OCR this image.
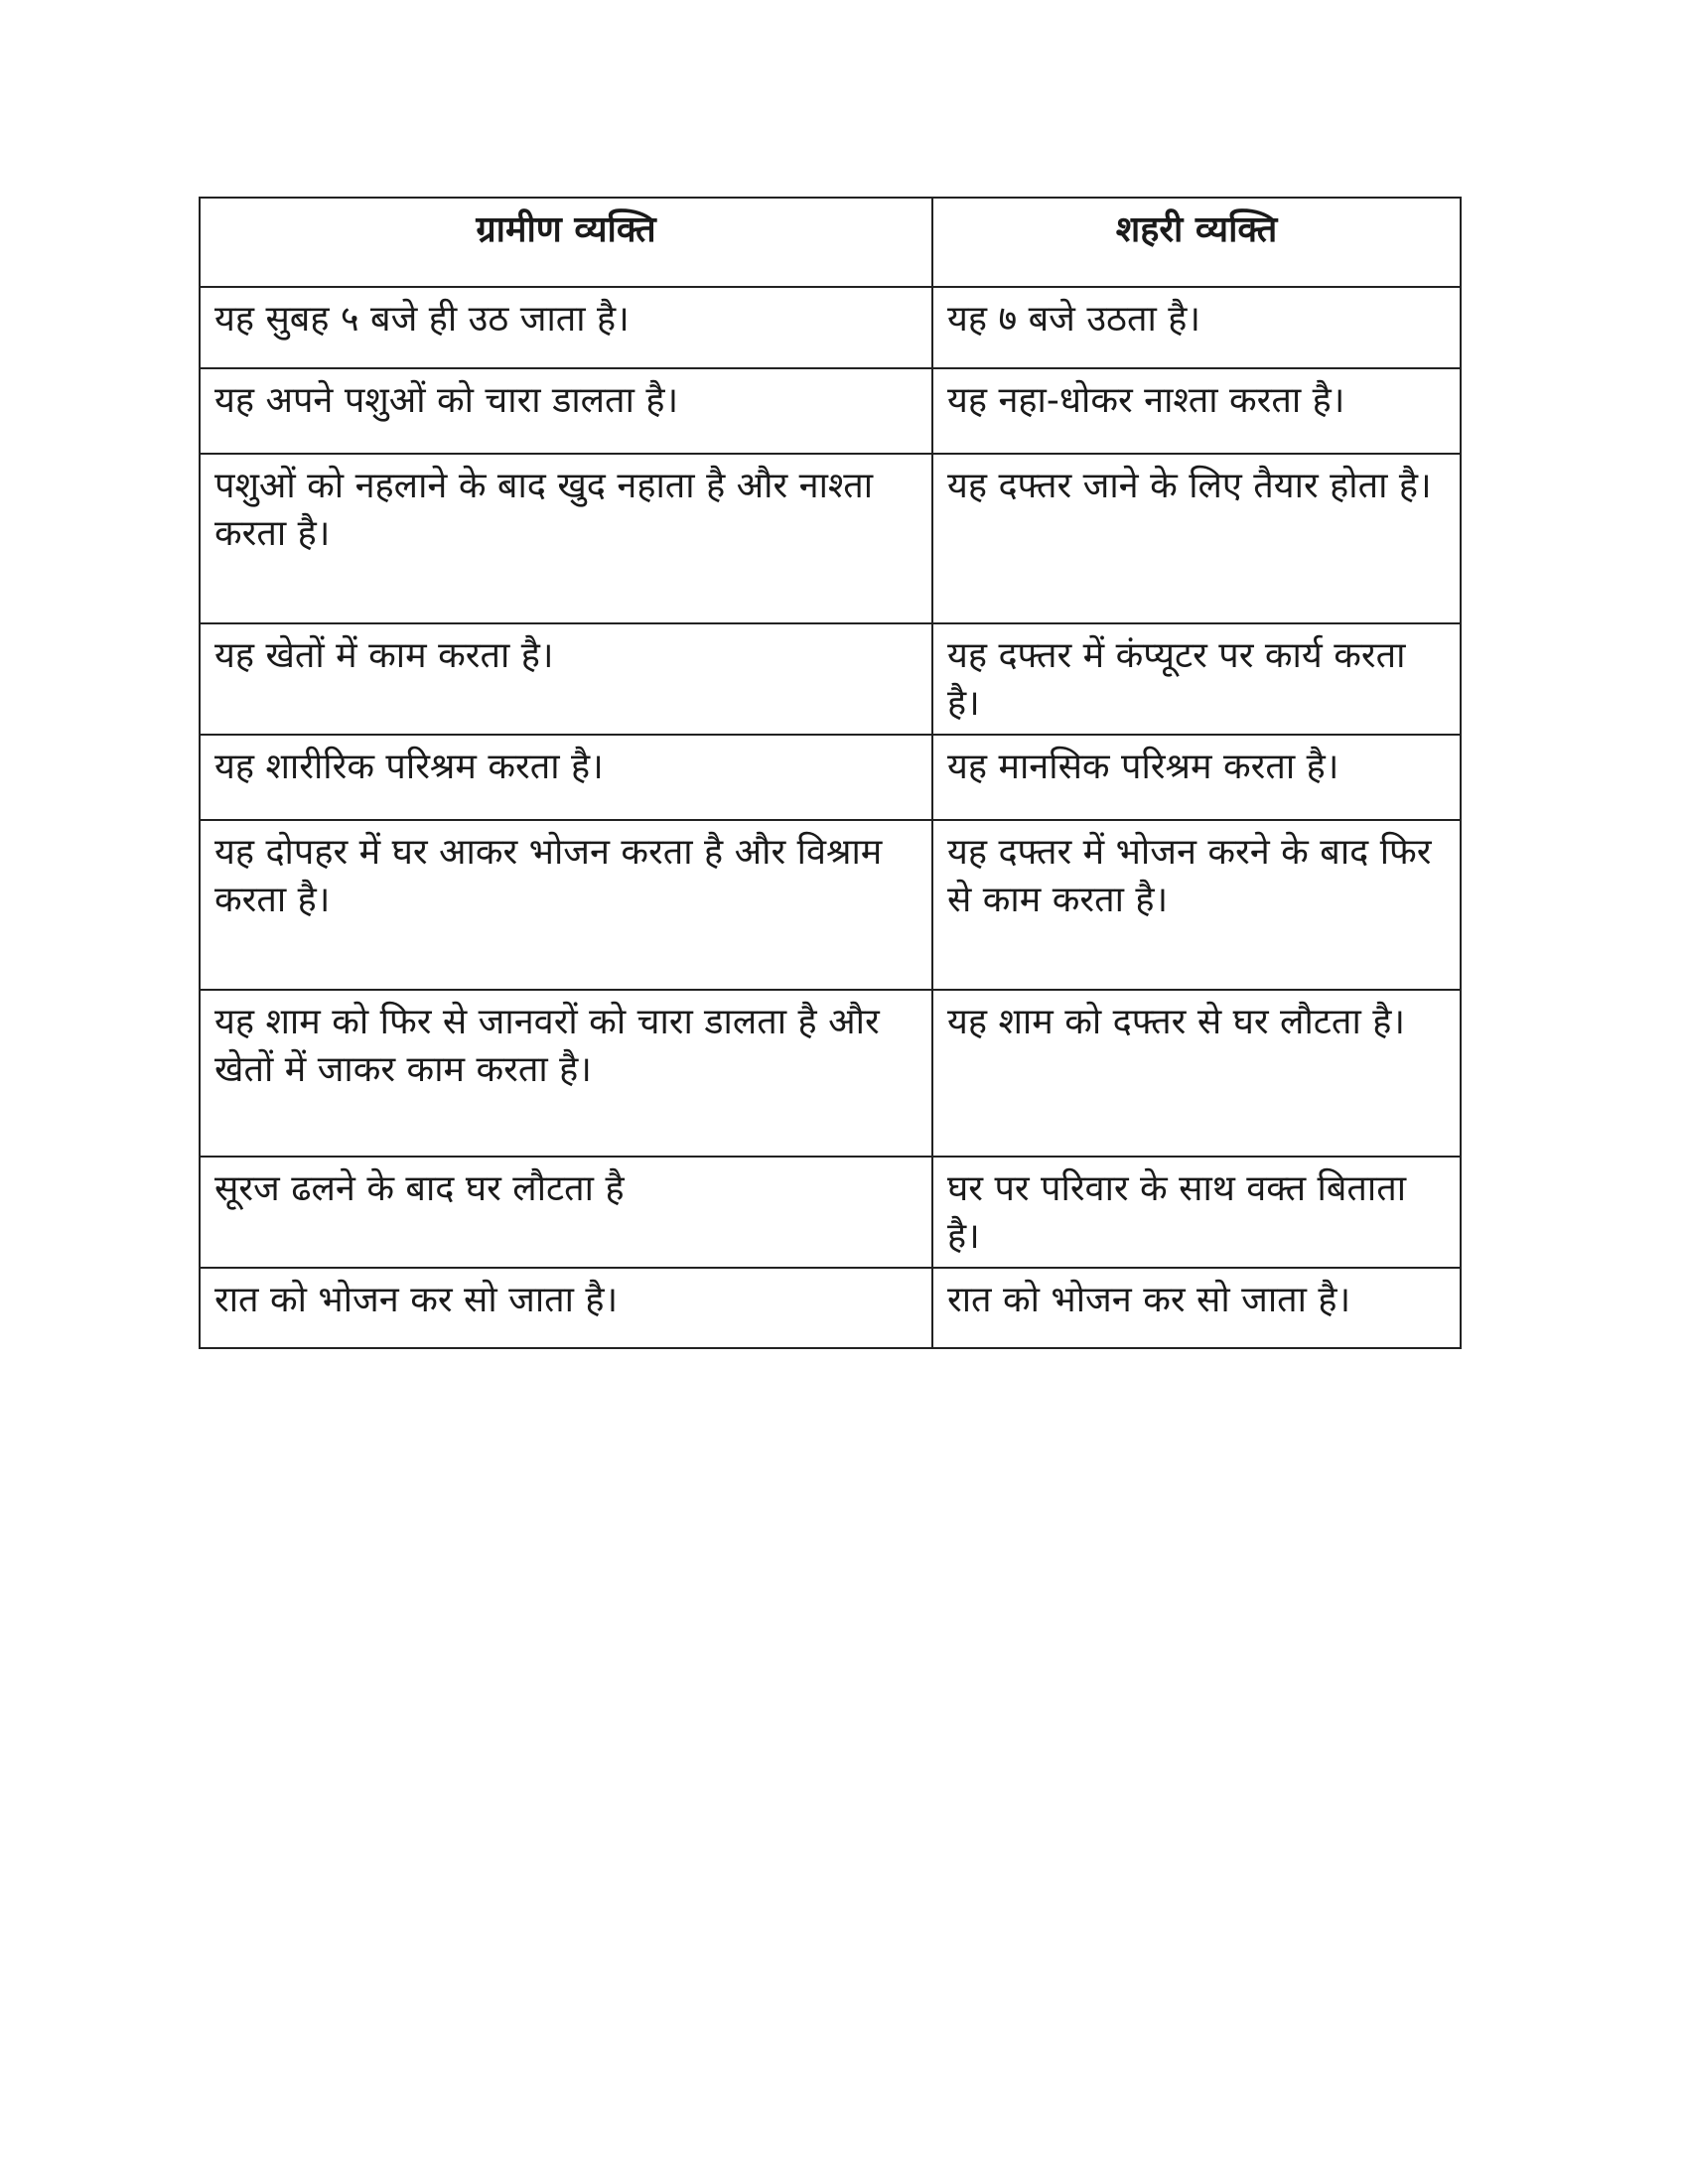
ग्रामीण व्यक्ति	शहरी व्यक्ति
यह सुबह ५ बजे ही उठ जाता है।	यह ७ बजे उठता है।
यह अपने पशुओं को चारा डालता है।	यह नहा-धोकर नाश्ता करता है।
पशुओं को नहलाने के बाद खुद नहाता है और नाश्ता करता है।	यह दफ्तर जाने के लिए तैयार होता है।
यह खेतों में काम करता है।	यह दफ्तर में कंप्यूटर पर कार्य करता है।
यह शारीरिक परिश्रम करता है।	यह मानसिक परिश्रम करता है।
यह दोपहर में घर आकर भोजन करता है और विश्राम करता है।	यह दफ्तर में भोजन करने के बाद फिर से काम करता है।
यह शाम को फिर से जानवरों को चारा डालता है और खेतों में जाकर काम करता है।	यह शाम को दफ्तर से घर लौटता है।
सूरज ढलने के बाद घर लौटता है	घर पर परिवार के साथ वक्त बिताता है।
रात को भोजन कर सो जाता है।	रात को भोजन कर सो जाता है।
